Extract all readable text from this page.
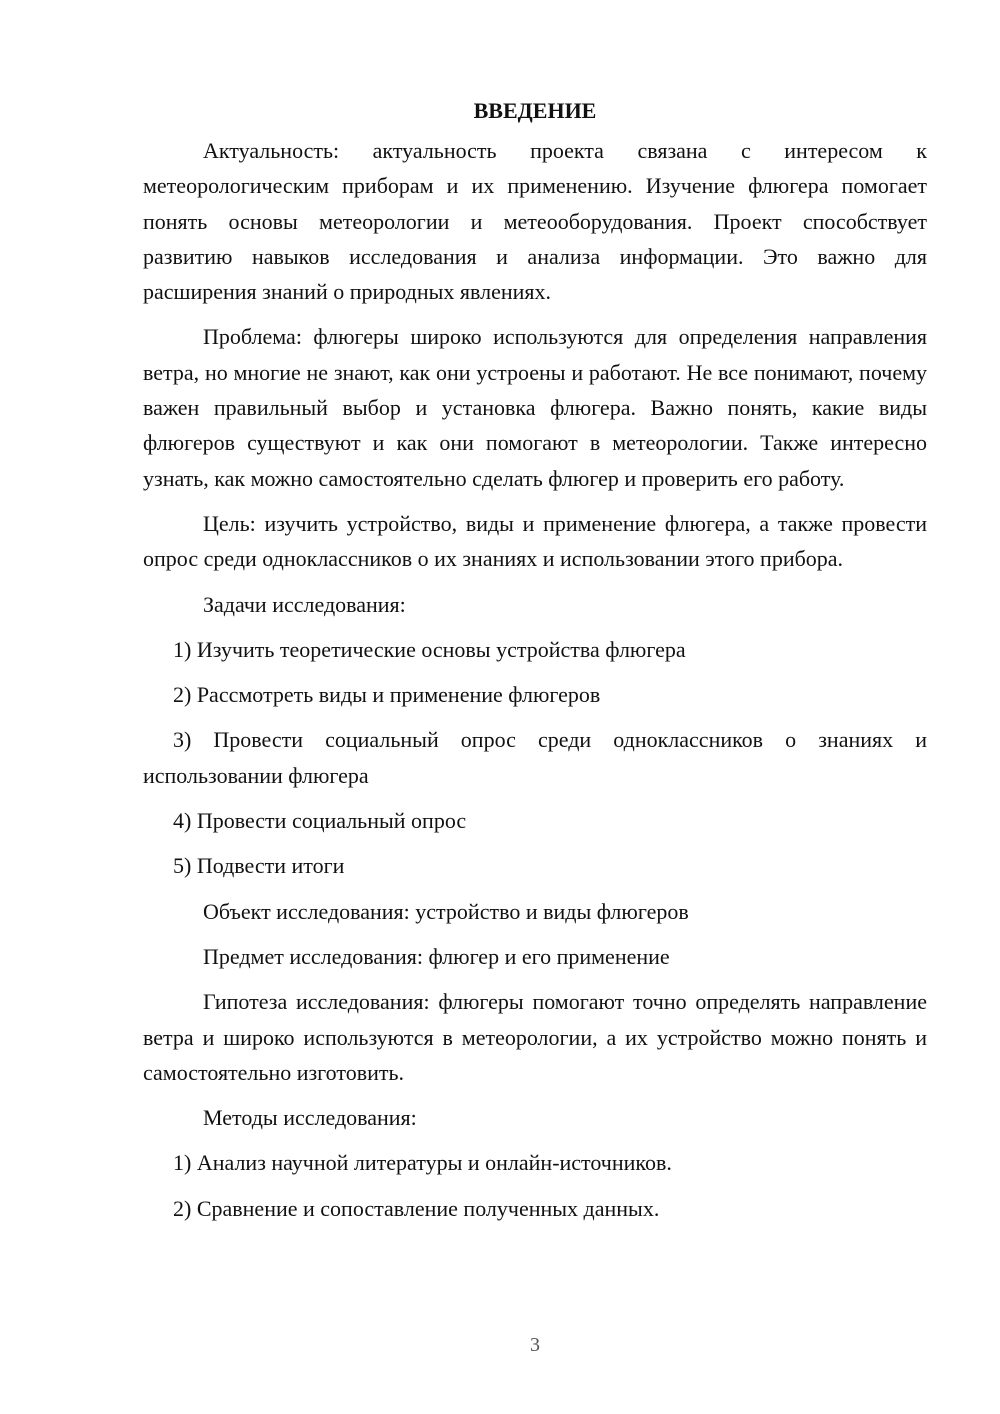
ВВЕДЕНИЕ

Актуальность: актуальность проекта связана с интересом к метеорологическим приборам и их применению. Изучение флюгера помогает понять основы метеорологии и метеооборудования. Проект способствует развитию навыков исследования и анализа информации. Это важно для расширения знаний о природных явлениях.

Проблема: флюгеры широко используются для определения направления ветра, но многие не знают, как они устроены и работают. Не все понимают, почему важен правильный выбор и установка флюгера. Важно понять, какие виды флюгеров существуют и как они помогают в метеорологии. Также интересно узнать, как можно самостоятельно сделать флюгер и проверить его работу.

Цель: изучить устройство, виды и применение флюгера, а также провести опрос среди одноклассников о их знаниях и использовании этого прибора.

Задачи исследования:

1) Изучить теоретические основы устройства флюгера

2) Рассмотреть виды и применение флюгеров

3) Провести социальный опрос среди одноклассников о знаниях и использовании флюгера

4) Провести социальный опрос

5) Подвести итоги

Объект исследования: устройство и виды флюгеров

Предмет исследования: флюгер и его применение

Гипотеза исследования: флюгеры помогают точно определять направление ветра и широко используются в метеорологии, а их устройство можно понять и самостоятельно изготовить.

Методы исследования:

1) Анализ научной литературы и онлайн-источников.

2) Сравнение и сопоставление полученных данных.

3
